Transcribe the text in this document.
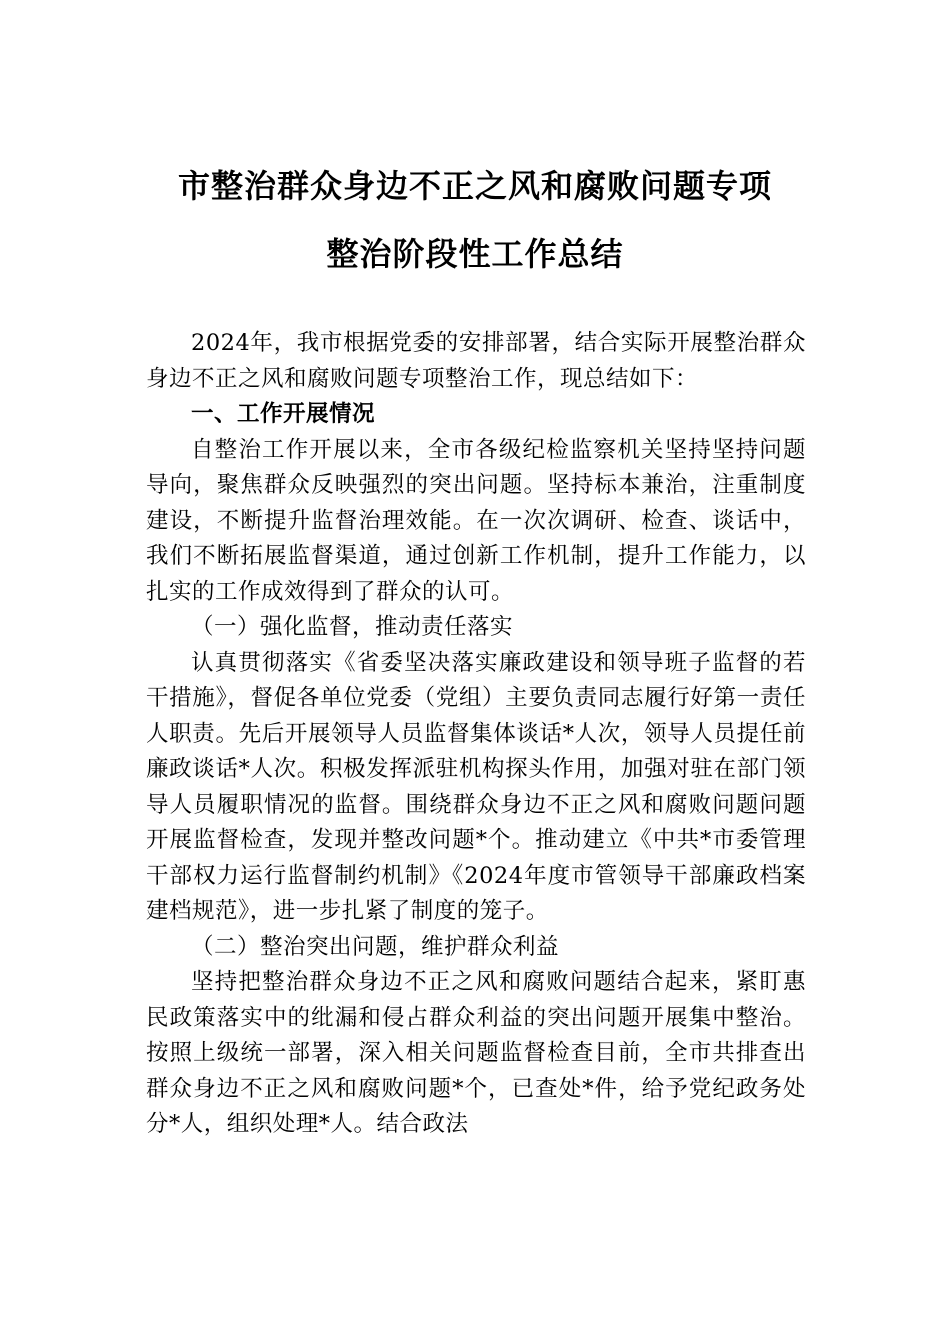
市整治群众身边不正之风和腐败问题专项
整治阶段性工作总结

2024年，我市根据党委的安排部署，结合实际开展整治群众身边不正之风和腐败问题专项整治工作，现总结如下：

一、工作开展情况

自整治工作开展以来，全市各级纪检监察机关坚持坚持问题导向，聚焦群众反映强烈的突出问题。坚持标本兼治，注重制度建设，不断提升监督治理效能。在一次次调研、检查、谈话中，我们不断拓展监督渠道，通过创新工作机制，提升工作能力，以扎实的工作成效得到了群众的认可。

（一）强化监督，推动责任落实

认真贯彻落实《省委坚决落实廉政建设和领导班子监督的若干措施》，督促各单位党委（党组）主要负责同志履行好第一责任人职责。先后开展领导人员监督集体谈话*人次，领导人员提任前廉政谈话*人次。积极发挥派驻机构探头作用，加强对驻在部门领导人员履职情况的监督。围绕群众身边不正之风和腐败问题问题开展监督检查，发现并整改问题*个。推动建立《中共*市委管理干部权力运行监督制约机制》《2024年度市管领导干部廉政档案建档规范》，进一步扎紧了制度的笼子。

（二）整治突出问题，维护群众利益

坚持把整治群众身边不正之风和腐败问题结合起来，紧盯惠民政策落实中的纰漏和侵占群众利益的突出问题开展集中整治。按照上级统一部署，深入相关问题监督检查目前，全市共排查出群众身边不正之风和腐败问题*个，已查处*件，给予党纪政务处分*人，组织处理*人。结合政法
